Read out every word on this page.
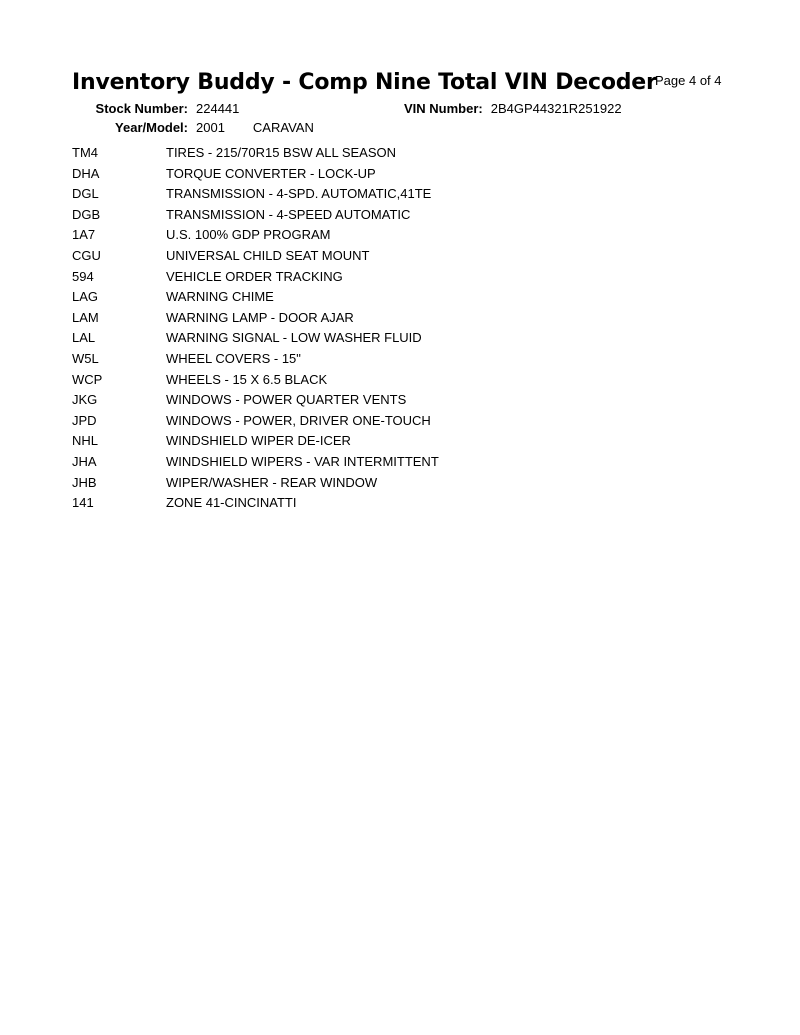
Inventory Buddy - Comp Nine Total VIN Decoder
Page 4 of 4
Stock Number: 224441	VIN Number: 2B4GP44321R251922
Year/Model: 2001 CARAVAN
TM4	TIRES - 215/70R15 BSW ALL SEASON
DHA	TORQUE CONVERTER - LOCK-UP
DGL	TRANSMISSION - 4-SPD. AUTOMATIC,41TE
DGB	TRANSMISSION - 4-SPEED AUTOMATIC
1A7	U.S. 100% GDP PROGRAM
CGU	UNIVERSAL CHILD SEAT MOUNT
594	VEHICLE ORDER TRACKING
LAG	WARNING CHIME
LAM	WARNING LAMP - DOOR AJAR
LAL	WARNING SIGNAL - LOW WASHER FLUID
W5L	WHEEL COVERS - 15"
WCP	WHEELS - 15 X 6.5 BLACK
JKG	WINDOWS - POWER QUARTER VENTS
JPD	WINDOWS - POWER, DRIVER ONE-TOUCH
NHL	WINDSHIELD WIPER DE-ICER
JHA	WINDSHIELD WIPERS - VAR INTERMITTENT
JHB	WIPER/WASHER - REAR WINDOW
141	ZONE 41-CINCINATTI
